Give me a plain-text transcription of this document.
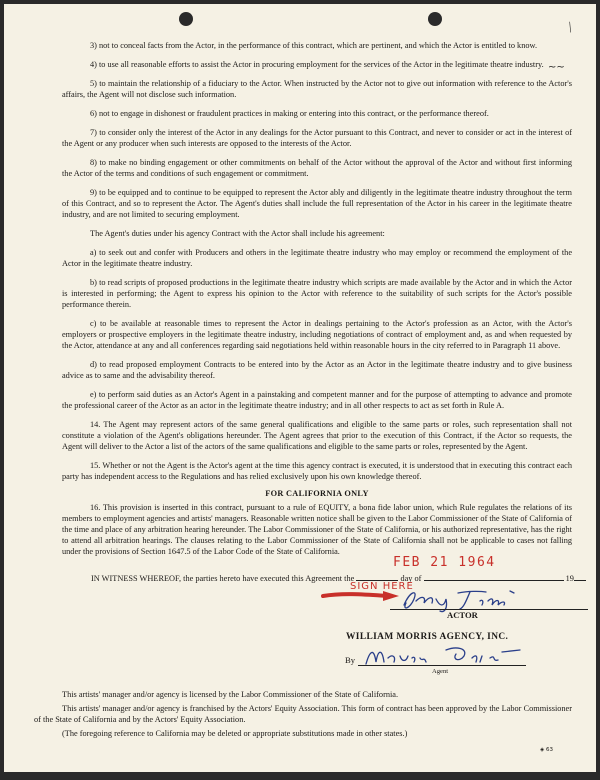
⟍
~~

3) not to conceal facts from the Actor, in the performance of this contract, which are pertinent, and which the Actor is entitled to know.

4) to use all reasonable efforts to assist the Actor in procuring employment for the services of the Actor in the legitimate theatre industry.

5) to maintain the relationship of a fiduciary to the Actor. When instructed by the Actor not to give out information with reference to the Actor's affairs, the Agent will not disclose such information.

6) not to engage in dishonest or fraudulent practices in making or entering into this contract, or the performance thereof.

7) to consider only the interest of the Actor in any dealings for the Actor pursuant to this Contract, and never to consider or act in the interest of the Agent or any producer when such interests are opposed to the interests of the Actor.

8) to make no binding engagement or other commitments on behalf of the Actor without the approval of the Actor and without first informing the Actor of the terms and conditions of such engagement or commitment.

9) to be equipped and to continue to be equipped to represent the Actor ably and diligently in the legitimate theatre industry throughout the term of this Contract, and so to represent the Actor. The Agent's duties shall include the full representation of the Actor in his career in the legitimate theatre industry, and are not limited to securing employment.

The Agent's duties under his agency Contract with the Actor shall include his agreement:

a) to seek out and confer with Producers and others in the legitimate theatre industry who may employ or recommend the employment of the Actor in the legitimate theatre industry.

b) to read scripts of proposed productions in the legitimate theatre industry which scripts are made available by the Actor and in which the Actor is interested in performing; the Agent to express his opinion to the Actor with reference to the suitability of such scripts for the Actor's possible performance therein.

c) to be available at reasonable times to represent the Actor in dealings pertaining to the Actor's profession as an Actor, with the Actor's employers or prospective employers in the legitimate theatre industry, including negotiations of contract of employment and, as and when requested by the Actor, attendance at any and all conferences regarding said negotiations held within reasonable hours in the city referred to in Paragraph 11 above.

d) to read proposed employment Contracts to be entered into by the Actor as an Actor in the legitimate theatre industry and to give business advice as to same and the advisability thereof.

e) to perform said duties as an Actor's Agent in a painstaking and competent manner and for the purpose of attempting to advance and promote the professional career of the Actor as an actor in the legitimate theatre industry; and in all other respects to act as set forth in Rule A.

14. The Agent may represent actors of the same general qualifications and eligible to the same parts or roles, such representation shall not constitute a violation of the Agent's obligations hereunder. The Agent agrees that prior to the execution of this Contract, if the Actor so requests, the Agent will deliver to the Actor a list of the actors of the same qualifications and eligible to the same parts or roles, represented by the Agent.

15. Whether or not the Agent is the Actor's agent at the time this agency contract is executed, it is understood that in executing this contract each party has independent access to the Regulations and has relied exclusively upon his own knowledge thereof.

FOR CALIFORNIA ONLY

16. This provision is inserted in this contract, pursuant to a rule of EQUITY, a bona fide labor union, which Rule regulates the relations of its members to employment agencies and artists' managers. Reasonable written notice shall be given to the Labor Commissioner of the State of California of the time and place of any arbitration hearing hereunder. The Labor Commissioner of the State of California, or his authorized representative, has the right to attend all arbitration hearings. The clauses relating to the Labor Commissioner of the State of California shall not be applicable to cases not falling under the provisions of Section 1647.5 of the Labor Code of the State of California.

FEB 21 1964
IN WITNESS WHEREOF, the parties hereto have executed this Agreement the	day of	19
SIGN HERE
ACTOR
WILLIAM MORRIS AGENCY, INC.
By
Agent

This artists' manager and/or agency is licensed by the Labor Commissioner of the State of California.

This artists' manager and/or agency is franchised by the Actors' Equity Association. This form of contract has been approved by the Labor Commissioner of the State of California and by the Actors' Equity Association.

(The foregoing reference to California may be deleted or appropriate substitutions made in other states.)

◈ 63
